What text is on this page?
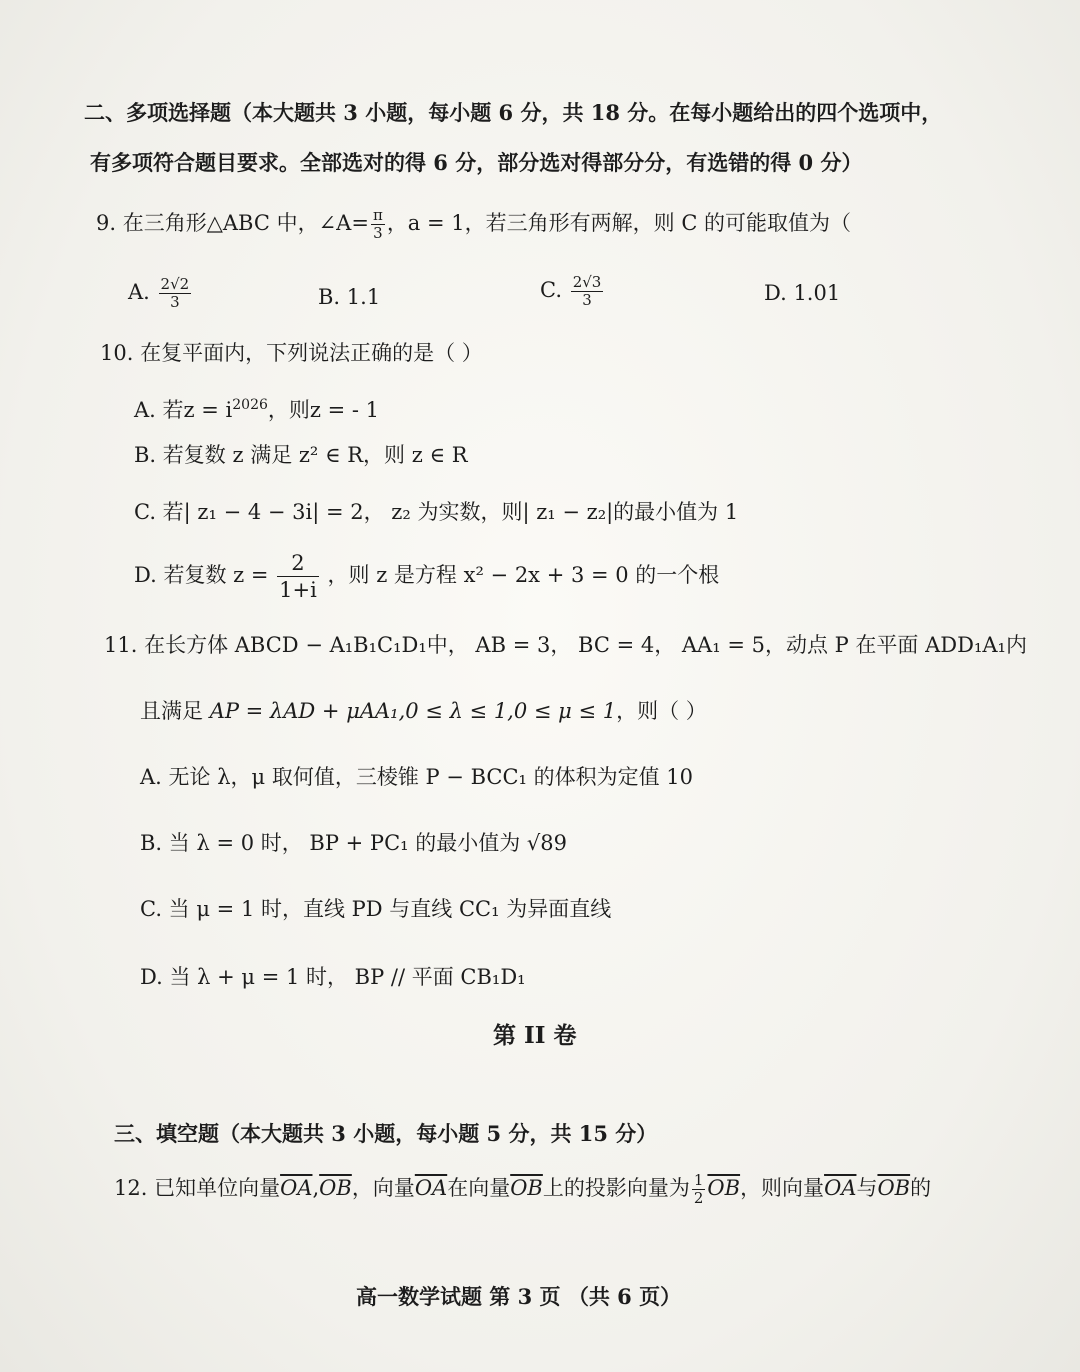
二、多项选择题（本大题共 3 小题，每小题 6 分，共 18 分。在每小题给出的四个选项中，
有多项符合题目要求。全部选对的得 6 分，部分选对得部分分，有选错的得 0 分）
9. 在三角形△ABC 中，∠A= $\frac{\pi}{3}$ ，a = 1，若三角形有两解，则 C 的可能取值为（
A. $\frac{2√2}{3}$	B. 1.1	C. $\frac{2√3}{3}$	D. 1.01
10. 在复平面内，下列说法正确的是（ ）
A. 若$z = i^{2026}$，则z = - 1
B. 若复数 z 满足 z² ∈ R，则 z ∈ R
C. 若| z₁ − 4 − 3i| = 2， z₂ 为实数，则| z₁ − z₂|的最小值为 1
D. 若复数 $z = \frac{2}{1+i}$ ，则 z 是方程 x² − 2x + 3 = 0 的一个根
11. 在长方体 ABCD − A₁B₁C₁D₁中， AB = 3， BC = 4， AA₁ = 5，动点 P 在平面 ADD₁A₁内
且满足 AP = λAD + μAA₁,0 ≤ λ ≤ 1,0 ≤ μ ≤ 1，则（ ）
A. 无论 λ，μ 取何值，三棱锥 P − BCC₁ 的体积为定值 10
B. 当 λ = 0 时， BP + PC₁ 的最小值为 √89
C. 当 μ = 1 时，直线 PD 与直线 CC₁ 为异面直线
D. 当 λ + μ = 1 时， BP // 平面 CB₁D₁
第 II 卷
三、填空题（本大题共 3 小题，每小题 5 分，共 15 分）
12. 已知单位向量$\overline{OA},\overline{OB}$，向量$\overline{OA}$在向量$\overline{OB}$上的投影向量为 $\frac{1}{2} \overline{OB}$，则向量$\overline{OA}$与$\overline{OB}$的
高一数学试题 第 3 页 （共 6 页）
